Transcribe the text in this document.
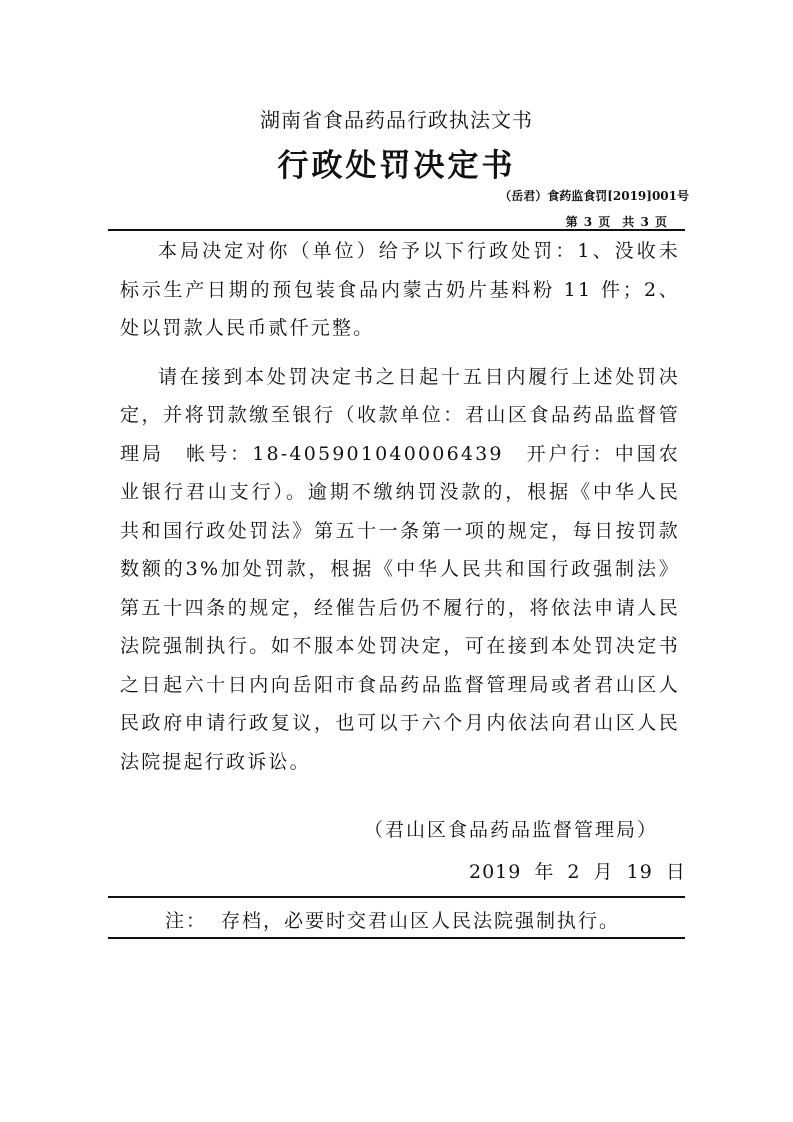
湖南省食品药品行政执法文书
行政处罚决定书
（岳君）食药监食罚[2019]001号
第 3 页　共 3 页

本局决定对你（单位）给予以下行政处罚：1、没收未标示生产日期的预包装食品内蒙古奶片基料粉 11 件；2、处以罚款人民币贰仟元整。

请在接到本处罚决定书之日起十五日内履行上述处罚决定，并将罚款缴至银行（收款单位：君山区食品药品监督管理局　帐号：18-405901040006439　开户行：中国农业银行君山支行）。逾期不缴纳罚没款的，根据《中华人民共和国行政处罚法》第五十一条第一项的规定，每日按罚款数额的3%加处罚款，根据《中华人民共和国行政强制法》第五十四条的规定，经催告后仍不履行的，将依法申请人民法院强制执行。如不服本处罚决定，可在接到本处罚决定书之日起六十日内向岳阳市食品药品监督管理局或者君山区人民政府申请行政复议，也可以于六个月内依法向君山区人民法院提起行政诉讼。

（君山区食品药品监督管理局）
2019 年 2 月 19 日
注： 存档，必要时交君山区人民法院强制执行。
